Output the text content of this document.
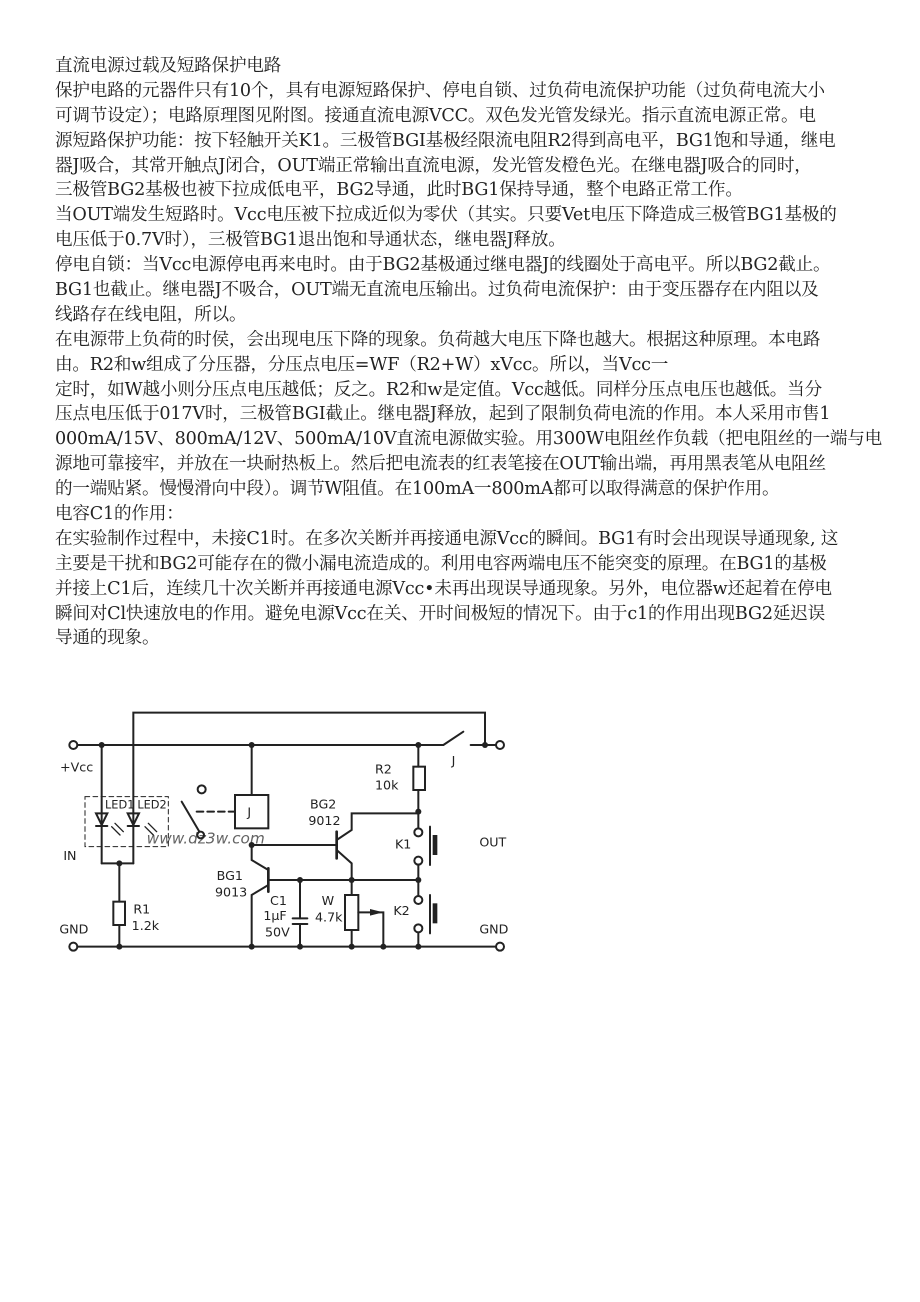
直流电源过载及短路保护电路
保护电路的元器件只有10个，具有电源短路保护、停电自锁、过负荷电流保护功能（过负荷电流大小
可调节设定）；电路原理图见附图。接通直流电源VCC。双色发光管发绿光。指示直流电源正常。电
源短路保护功能：按下轻触开关K1。三极管BGI基极经限流电阻R2得到高电平，BG1饱和导通，继电
器J吸合，其常开触点J闭合，OUT端正常输出直流电源，发光管发橙色光。在继电器J吸合的同时，
三极管BG2基极也被下拉成低电平，BG2导通，此时BG1保持导通，整个电路正常工作。
当OUT端发生短路时。Vcc电压被下拉成近似为零伏（其实。只要Vet电压下降造成三极管BG1基极的
电压低于0.7V时），三极管BG1退出饱和导通状态，继电器J释放。
停电自锁：当Vcc电源停电再来电时。由于BG2基极通过继电器J的线圈处于高电平。所以BG2截止。
BG1也截止。继电器J不吸合，OUT端无直流电压输出。过负荷电流保护：由于变压器存在内阻以及
线路存在线电阻，所以。
在电源带上负荷的时侯，会出现电压下降的现象。负荷越大电压下降也越大。根据这种原理。本电路
由。R2和w组成了分压器，分压点电压=WF（R2+W）xVcc。所以，当Vcc一
定时，如W越小则分压点电压越低；反之。R2和w是定值。Vcc越低。同样分压点电压也越低。当分
压点电压低于017V时，三极管BGI截止。继电器J释放，起到了限制负荷电流的作用。本人采用市售1
000mA/15V、800mA/12V、500mA/10V直流电源做实验。用300W电阻丝作负载（把电阻丝的一端与电
源地可靠接牢，并放在一块耐热板上。然后把电流表的红表笔接在OUT输出端，再用黑表笔从电阻丝
的一端贴紧。慢慢滑向中段）。调节W阻值。在100mA一800mA都可以取得满意的保护作用。
电容C1的作用：
在实验制作过程中，未接C1时。在多次关断并再接通电源Vcc的瞬间。BG1有时会出现误导通现象, 这
主要是干扰和BG2可能存在的微小漏电流造成的。利用电容两端电压不能突变的原理。在BG1的基极
并接上C1后，连续几十次关断并再接通电源Vcc•未再出现误导通现象。另外，电位器w还起着在停电
瞬间对Cl快速放电的作用。避免电源Vcc在关、开时间极短的情况下。由于c1的作用出现BG2延迟误
导通的现象。
+Vcc
IN
GND	GND
OUT
LED1 LED2
R1
1.2k
R2
10k
J
J
BG1
9013
BG2
9012
C1
1μF
50V
W
4.7k
K1
K2
www.dz3w.com
